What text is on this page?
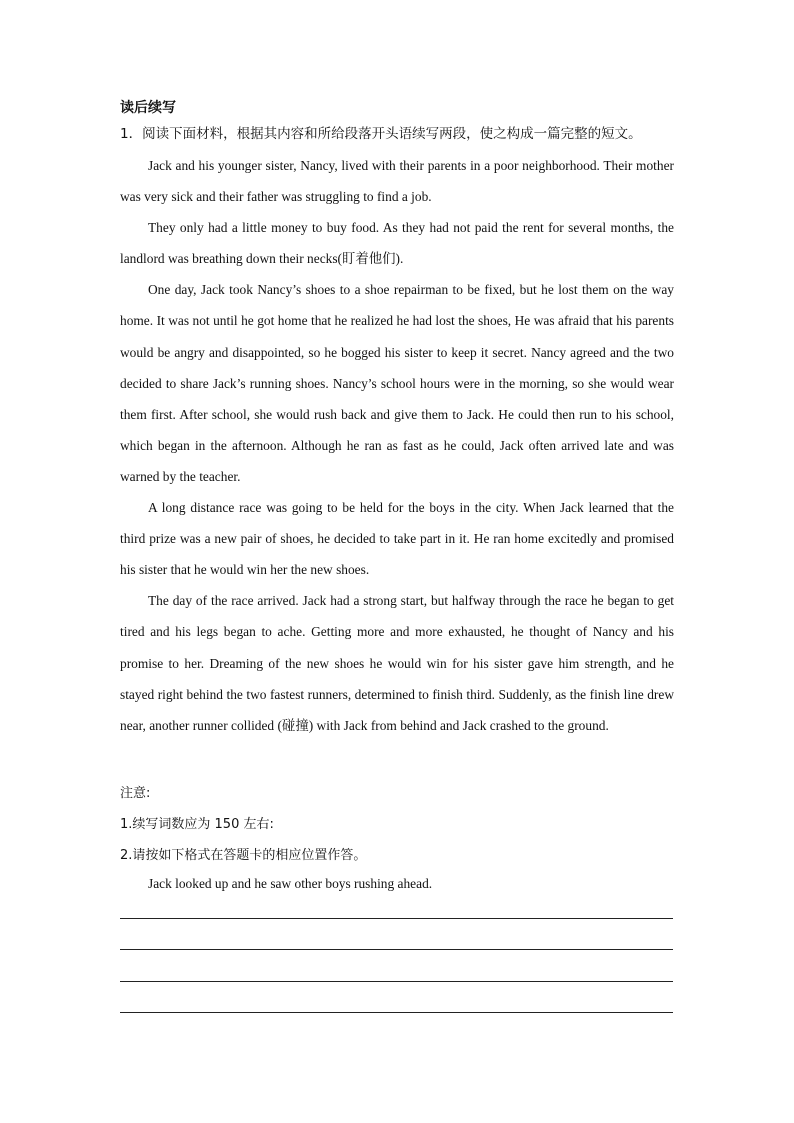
读后续写
1．阅读下面材料，根据其内容和所给段落开头语续写两段，使之构成一篇完整的短文。

Jack and his younger sister, Nancy, lived with their parents in a poor neighborhood. Their mother was very sick and their father was struggling to find a job.

They only had a little money to buy food. As they had not paid the rent for several months, the landlord was breathing down their necks(盯着他们).

One day, Jack took Nancy’s shoes to a shoe repairman to be fixed, but he lost them on the way home. It was not until he got home that he realized he had lost the shoes, He was afraid that his parents would be angry and disappointed, so he bogged his sister to keep it secret. Nancy agreed and the two decided to share Jack’s running shoes. Nancy’s school hours were in the morning, so she would wear them first. After school, she would rush back and give them to Jack. He could then run to his school, which began in the afternoon. Although he ran as fast as he could, Jack often arrived late and was warned by the teacher.

A long distance race was going to be held for the boys in the city. When Jack learned that the third prize was a new pair of shoes, he decided to take part in it. He ran home excitedly and promised his sister that he would win her the new shoes.

The day of the race arrived. Jack had a strong start, but halfway through the race he began to get tired and his legs began to ache. Getting more and more exhausted, he thought of Nancy and his promise to her. Dreaming of the new shoes he would win for his sister gave him strength, and he stayed right behind the two fastest runners, determined to finish third. Suddenly, as the finish line drew near, another runner collided (碰撞) with Jack from behind and Jack crashed to the ground.

注意:
1.续写词数应为 150 左右:
2.请按如下格式在答题卡的相应位置作答。
Jack looked up and he saw other boys rushing ahead.
